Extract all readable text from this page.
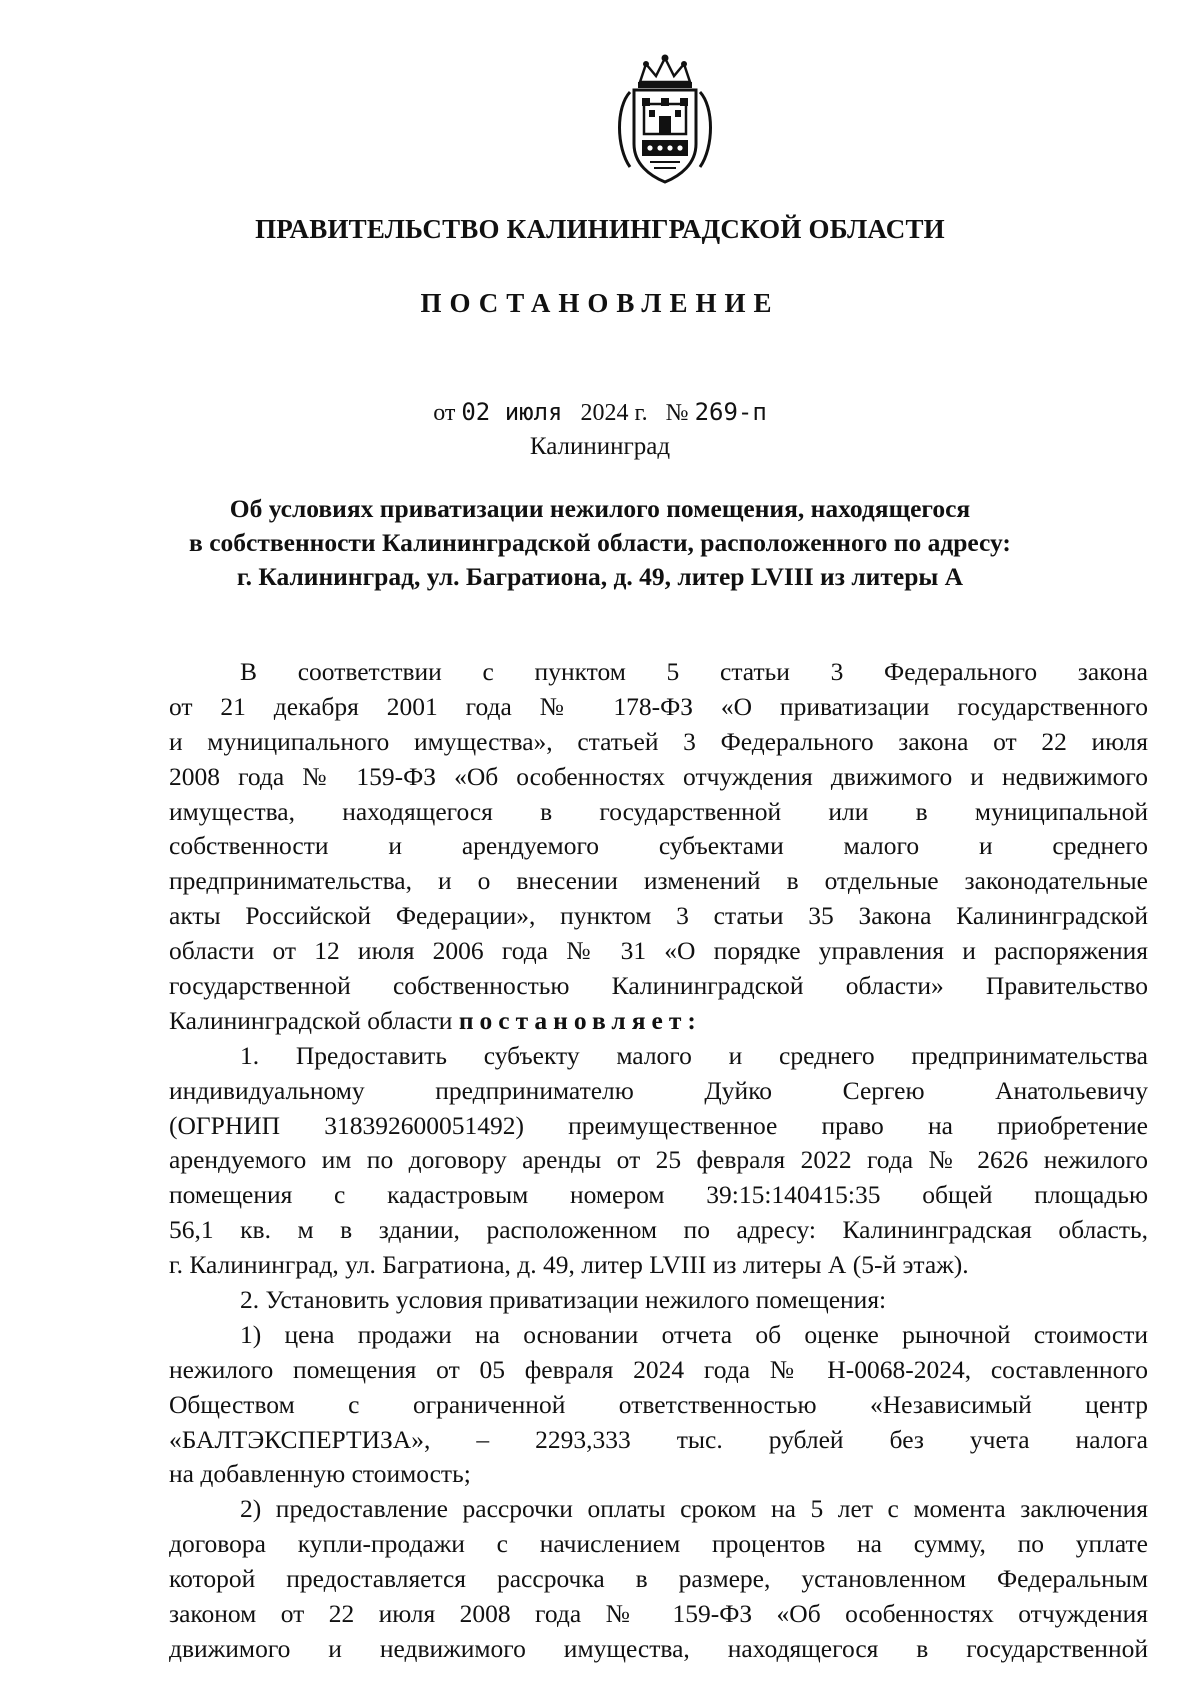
ПРАВИТЕЛЬСТВО КАЛИНИНГРАДСКОЙ ОБЛАСТИ
ПОСТАНОВЛЕНИЕ
от 02 июля 2024 г. № 269-п
Калининград
Об условиях приватизации нежилого помещения, находящегося
в собственности Калининградской области, расположенного по адресу:
г. Калининград, ул. Багратиона, д. 49, литер LVIII из литеры А
В соответствии с пунктом 5 статьи 3 Федерального закона
от 21 декабря 2001 года № 178-ФЗ «О приватизации государственного
и муниципального имущества», статьей 3 Федерального закона от 22 июля
2008 года № 159-ФЗ «Об особенностях отчуждения движимого и недвижимого
имущества, находящегося в государственной или в муниципальной
собственности и арендуемого субъектами малого и среднего
предпринимательства, и о внесении изменений в отдельные законодательные
акты Российской Федерации», пунктом 3 статьи 35 Закона Калининградской
области от 12 июля 2006 года № 31 «О порядке управления и распоряжения
государственной собственностью Калининградской области» Правительство
Калининградской области постановляет:
1. Предоставить субъекту малого и среднего предпринимательства
индивидуальному предпринимателю Дуйко Сергею Анатольевичу
(ОГРНИП 318392600051492) преимущественное право на приобретение
арендуемого им по договору аренды от 25 февраля 2022 года № 2626 нежилого
помещения с кадастровым номером 39:15:140415:35 общей площадью
56,1 кв. м в здании, расположенном по адресу: Калининградская область,
г. Калининград, ул. Багратиона, д. 49, литер LVIII из литеры А (5-й этаж).
2. Установить условия приватизации нежилого помещения:
1) цена продажи на основании отчета об оценке рыночной стоимости
нежилого помещения от 05 февраля 2024 года № Н-0068-2024, составленного
Обществом с ограниченной ответственностью «Независимый центр
«БАЛТЭКСПЕРТИЗА», – 2293,333 тыс. рублей без учета налога
на добавленную стоимость;
2) предоставление рассрочки оплаты сроком на 5 лет с момента заключения
договора купли-продажи с начислением процентов на сумму, по уплате
которой предоставляется рассрочка в размере, установленном Федеральным
законом от 22 июля 2008 года № 159-ФЗ «Об особенностях отчуждения
движимого и недвижимого имущества, находящегося в государственной
